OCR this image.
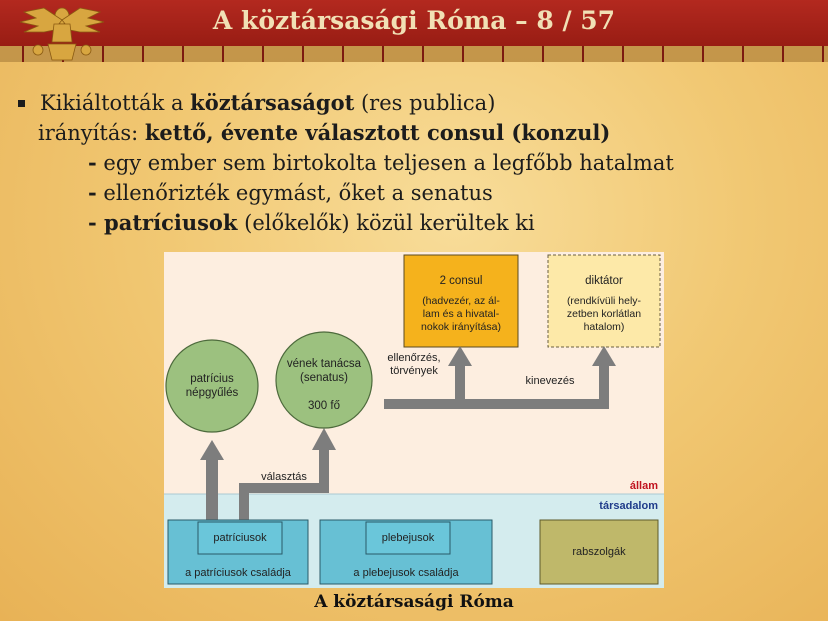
A köztársasági Róma – 8 / 57
Kikiáltották a köztársaságot (res publica)
irányítás: kettő, évente választott consul (konzul)
- egy ember sem birtokolta teljesen a legfőbb hatalmat
- ellenőrizték egymást, őket a senatus
- patríciusok (előkelők) közül kerültek ki
állam
társadalom
2 consul
(hadvezér, az ál-
lam és a hivatal-
nokok irányítása)
diktátor
(rendkívüli hely-
zetben korlátlan
hatalom)
patrícius
népgyűlés
vének tanácsa
(senatus)
300 fő
ellenőrzés,
törvények
kinevezés
választás
patríciusok
a patríciusok családja
plebejusok
a plebejusok családja
rabszolgák
A köztársasági Róma
